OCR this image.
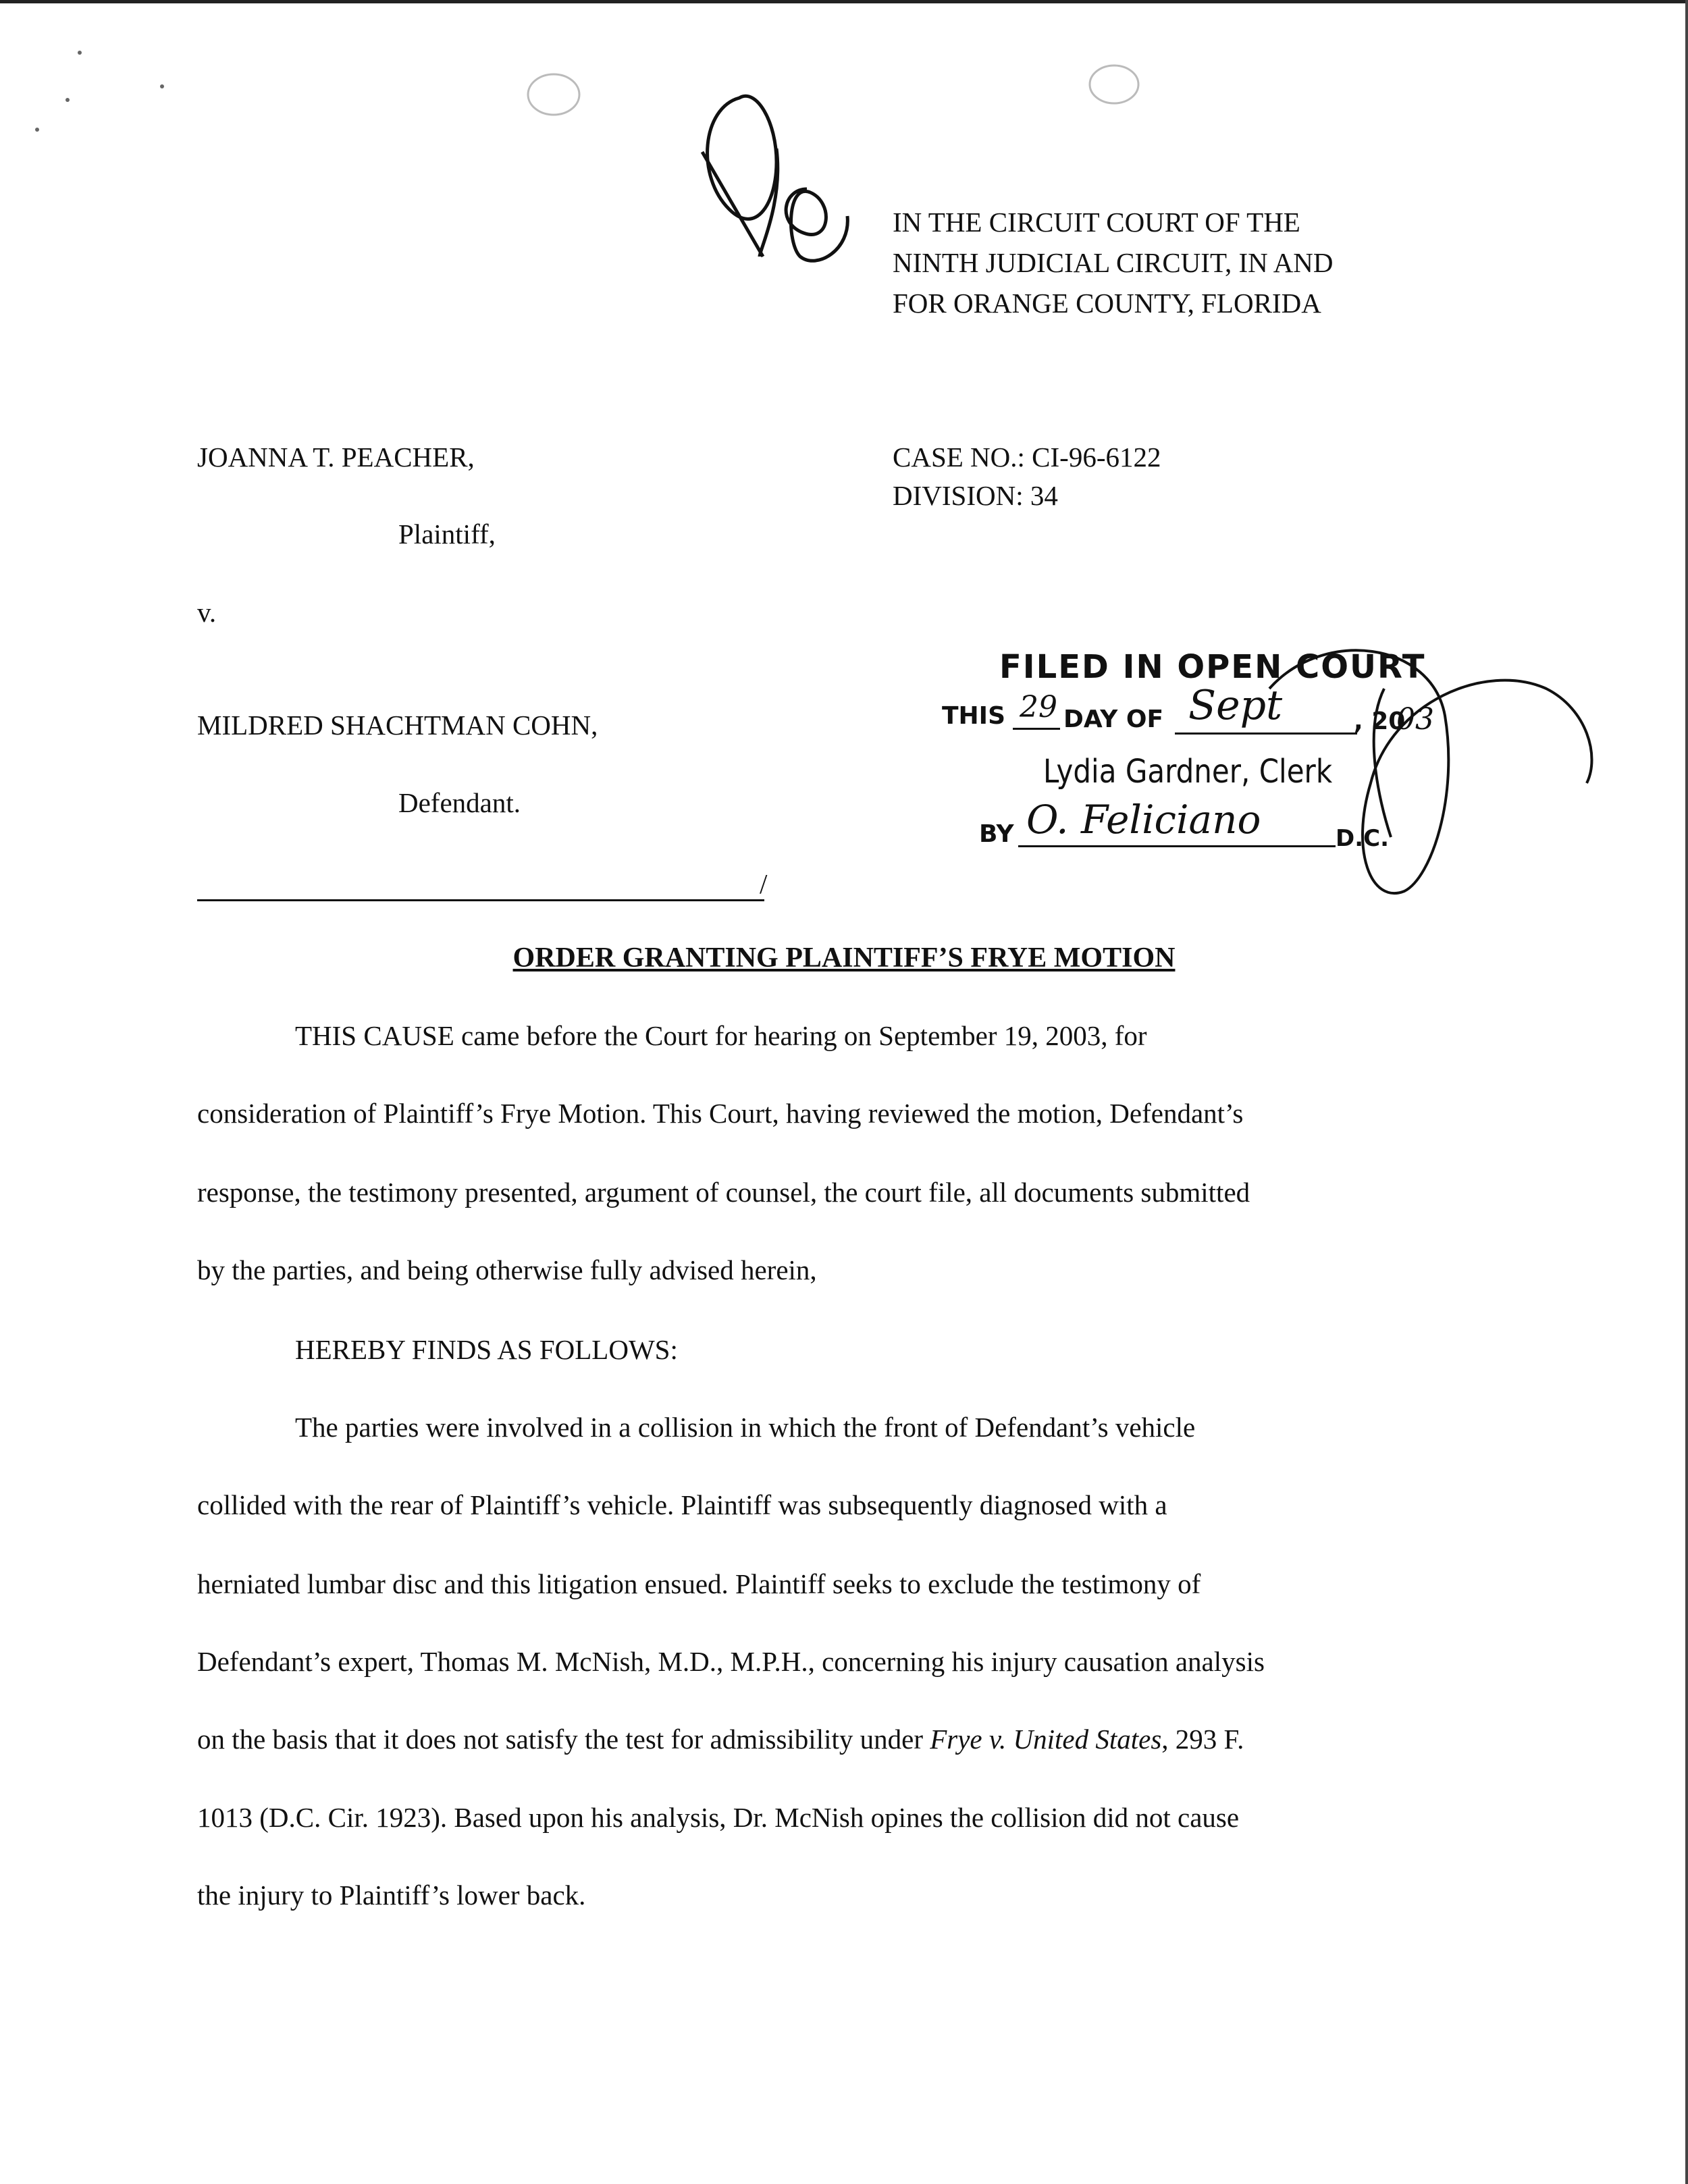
IN THE CIRCUIT COURT OF THE
NINTH JUDICIAL CIRCUIT, IN AND
FOR ORANGE COUNTY, FLORIDA
JOANNA T. PEACHER,
Plaintiff,
v.
MILDRED SHACHTMAN COHN,
Defendant.
/
CASE NO.: CI-96-6122
DIVISION: 34
FILED IN OPEN COURT
THIS 29 DAY OF Sept	, 20
03
Lydia Gardner, Clerk
BY O. Feliciano	D.C.
ORDER GRANTING PLAINTIFF’S FRYE MOTION
THIS CAUSE came before the Court for hearing on September 19, 2003, for
consideration of Plaintiff’s Frye Motion. This Court, having reviewed the motion, Defendant’s
response, the testimony presented, argument of counsel, the court file, all documents submitted
by the parties, and being otherwise fully advised herein,
HEREBY FINDS AS FOLLOWS:
The parties were involved in a collision in which the front of Defendant’s vehicle
collided with the rear of Plaintiff’s vehicle. Plaintiff was subsequently diagnosed with a
herniated lumbar disc and this litigation ensued. Plaintiff seeks to exclude the testimony of
Defendant’s expert, Thomas M. McNish, M.D., M.P.H., concerning his injury causation analysis
on the basis that it does not satisfy the test for admissibility under Frye v. United States, 293 F.
1013 (D.C. Cir. 1923). Based upon his analysis, Dr. McNish opines the collision did not cause
the injury to Plaintiff’s lower back.
